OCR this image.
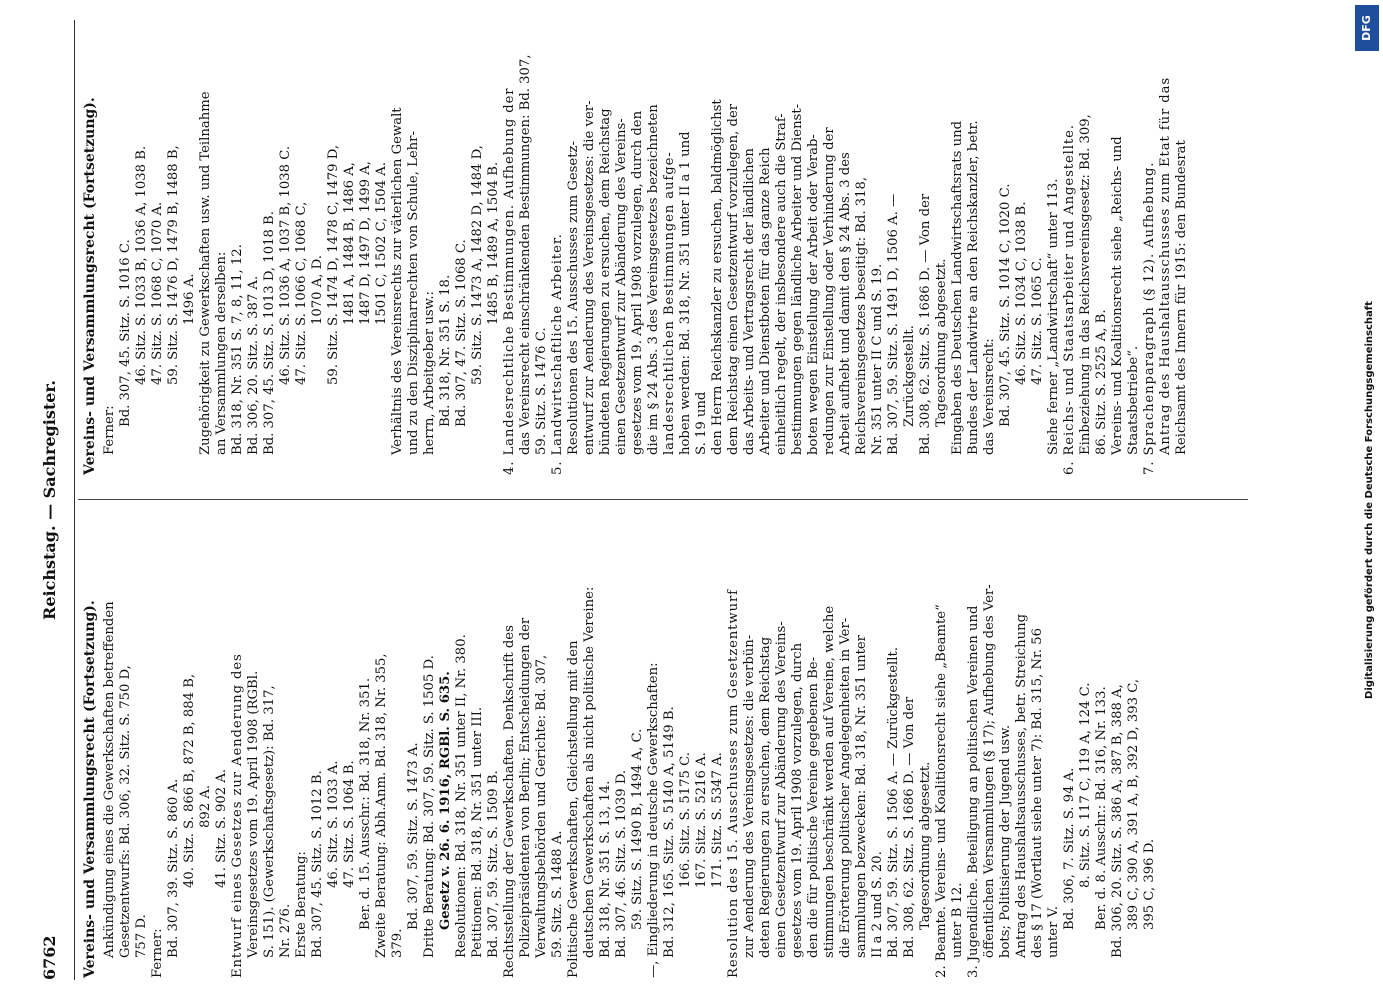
6762
Reichstag. — Sachregister.
Vereins- und Versammlungsrecht (Fortsetzung). Ankündigung eines die Gewerkschaften betreffenden Gesetzentwurfs: Bd. 306, 32. Sitz. S. 750 D, 757 D. Ferner: Bd. 307, 39. Sitz. S. 860 A. 40. Sitz. S. 866 B, 872 B, 884 B, 892 A. 41. Sitz. S. 902 A. Entwurf eines Gesetzes zur Aenderung des Vereinsgesetzes vom 19. April 1908 (RGBl. S. 151). (Gewerkschaftsgesetz): Bd. 317, Nr. 276. Erste Beratung: Bd. 307, 45. Sitz. S. 1012 B. 46. Sitz. S. 1033 A. 47. Sitz. S. 1064 B. Ber. d. 15. Ausschr.: Bd. 318, Nr. 351. Zweite Beratung: Abh.Anm. Bd. 318, Nr. 355, 379.
Bd. 307, 59. Sitz. S. 1473 A. Dritte Beratung: Bd. 307, 59. Sitz. S. 1505 D. Gesetz v. 26. 6. 1916, RGBl. S. 635. Resolutionen: Bd. 318, Nr. 351 unter II, Nr. 380. Petitionen: Bd. 318, Nr. 351 unter III. Bd. 307, 59. Sitz. S. 1509 B. Rechtsstellung der Gewerkschaften. Denkschrift des Polizeipräsidenten von Berlin; Entscheidungen der Verwaltungsbehörden und Gerichte: Bd. 307, 59. Sitz. S. 1488 A. Politische Gewerkschaften, Gleichstellung mit den deutschen Gewerkschaften als nicht politische Vereine: Bd. 318, Nr. 351 S. 13, 14. Bd. 307, 46. Sitz. S. 1039 D. 59. Sitz. S. 1490 B, 1494 A, C. —, Eingliederung in deutsche Gewerkschaften: Bd. 312, 165. Sitz. S. 5140 A, 5149 B. 166. Sitz. S. 5175 C. 167. Sitz. S. 5216 A. 171. Sitz. S. 5347 A. Resolution des 15. Ausschusses zum Gesetzentwurf zur Aenderung des Vereinsgesetzes: die verbün- deten Regierungen zu ersuchen, dem Reichstag einen Gesetzentwurf zur Abänderung des Vereins- gesetzes vom 19. April 1908 vorzulegen, durch den die für politische Vereine gegebenen Be- stimmungen beschränkt werden auf Vereine, welche die Erörterung politischer Angelegenheiten in Ver- sammlungen bezwecken: Bd. 318, Nr. 351 unter II a 2 und S. 20. Bd. 307, 59. Sitz. S. 1506 A. — Zurückgestellt. Bd. 308, 62. Sitz. S. 1686 D. — Von der Tagesordnung abgesetzt. 2. Beamte. Vereins- und Koalitionsrecht siehe „Beamte“ unter B 12. 3. Jugendliche. Beteiligung an politischen Vereinen und öffentlichen Versammlungen (§ 17); Aufhebung des Ver- bots; Politisierung der Jugend usw. Antrag des Haushaltsausschusses, betr. Streichung des § 17 (Wortlaut siehe unter 7): Bd. 315, Nr. 56 unter V.
Bd. 306, 7. Sitz. S. 94 A. 8. Sitz. S. 117 C, 119 A, 124 C. Ber. d. 8. Ausschr.: Bd. 316, Nr. 133. Bd. 306, 20. Sitz. S. 386 A, 387 B, 388 A, 389 C, 390 A, 391 A, B, 392 D, 393 C, 395 C, 396 D.
Vereins- und Versammlungsrecht (Fortsetzung). Ferner:
Bd. 307, 45. Sitz. S. 1016 C. 46. Sitz. S. 1033 B, 1036 A, 1038 B. 47. Sitz. S. 1068 C, 1070 A. 59. Sitz. S. 1476 D, 1479 B, 1488 B, 1496 A. Zugehörigkeit zu Gewerkschaften usw. und Teilnahme an Versammlungen derselben: Bd. 318, Nr. 351 S. 7, 8, 11, 12. Bd. 306, 20. Sitz. S. 387 A. Bd. 307, 45. Sitz. S. 1013 D, 1018 B. 46. Sitz. S. 1036 A, 1037 B, 1038 C. 47. Sitz. S. 1066 C, 1068 C, 1070 A, D. 59. Sitz. S. 1474 D, 1478 C, 1479 D, 1481 A, 1484 B, 1486 A, 1487 D, 1497 D, 1499 A, 1501 C, 1502 C, 1504 A. Verhältnis des Vereinsrechts zur väterlichen Gewalt und zu den Disziplinarrechten von Schule, Lehr- herrn, Arbeitgeber usw.: Bd. 318, Nr. 351 S. 18. Bd. 307, 47. Sitz. S. 1068 C. 59. Sitz. S. 1473 A, 1482 D, 1484 D, 1485 B, 1489 A, 1504 B. 4. Landesrechtliche Bestimmungen. Aufhebung der das Vereinsrecht einschränkenden Bestimmungen: Bd. 307, 59. Sitz. S. 1476 C. 5. Landwirtschaftliche Arbeiter. Resolutionen des 15. Ausschusses zum Gesetz- entwurf zur Aenderung des Vereinsgesetzes: die ver- bündeten Regierungen zu ersuchen, dem Reichstag einen Gesetzentwurf zur Abänderung des Vereins- gesetzes vom 19. April 1908 vorzulegen, durch den die im § 24 Abs. 3 des Vereinsgesetzes bezeichneten landesrechtlichen Bestimmungen aufge- hoben werden: Bd. 318, Nr. 351 unter II a 1 und S. 19 und den Herrn Reichskanzler zu ersuchen, baldmöglichst dem Reichstag einen Gesetzentwurf vorzulegen, der das Arbeits- und Vertragsrecht der ländlichen Arbeiter und Dienstboten für das ganze Reich einheitlich regelt, der insbesondere auch die Straf- bestimmungen gegen ländliche Arbeiter und Dienst- boten wegen Einstellung der Arbeit oder Verab- redungen zur Einstellung oder Verhinderung der Arbeit aufhebt und damit den § 24 Abs. 3 des Reichsvereinsgesetzes beseitigt: Bd. 318, Nr. 351 unter II C und S. 19. Bd. 307, 59. Sitz. S. 1491 D, 1506 A. — Zurückgestellt. Bd. 308, 62. Sitz. S. 1686 D. — Von der Tagesordnung abgesetzt. Eingaben des Deutschen Landwirtschaftsrats und Bundes der Landwirte an den Reichskanzler, betr. das Vereinsrecht: Bd. 307, 45. Sitz. S. 1014 C, 1020 C. 46. Sitz. S. 1034 C, 1038 B. 47. Sitz. S. 1065 C. Siehe ferner „Landwirtschaft“ unter 113. 6. Reichs- und Staatsarbeiter und Angestellte. Einbeziehung in das Reichsvereinsgesetz: Bd. 309, 86. Sitz. S. 2525 A, B. Vereins- und Koalitionsrecht siehe „Reichs- und Staatsbetriebe“. 7. Sprachenparagraph (§ 12). Aufhebung. Antrag des Haushaltausschusses zum Etat für das Reichsamt des Innern für 1915: den Bundesrat
Digitalisierung gefördert durch die Deutsche Forschungsgemeinschaft
DFG
